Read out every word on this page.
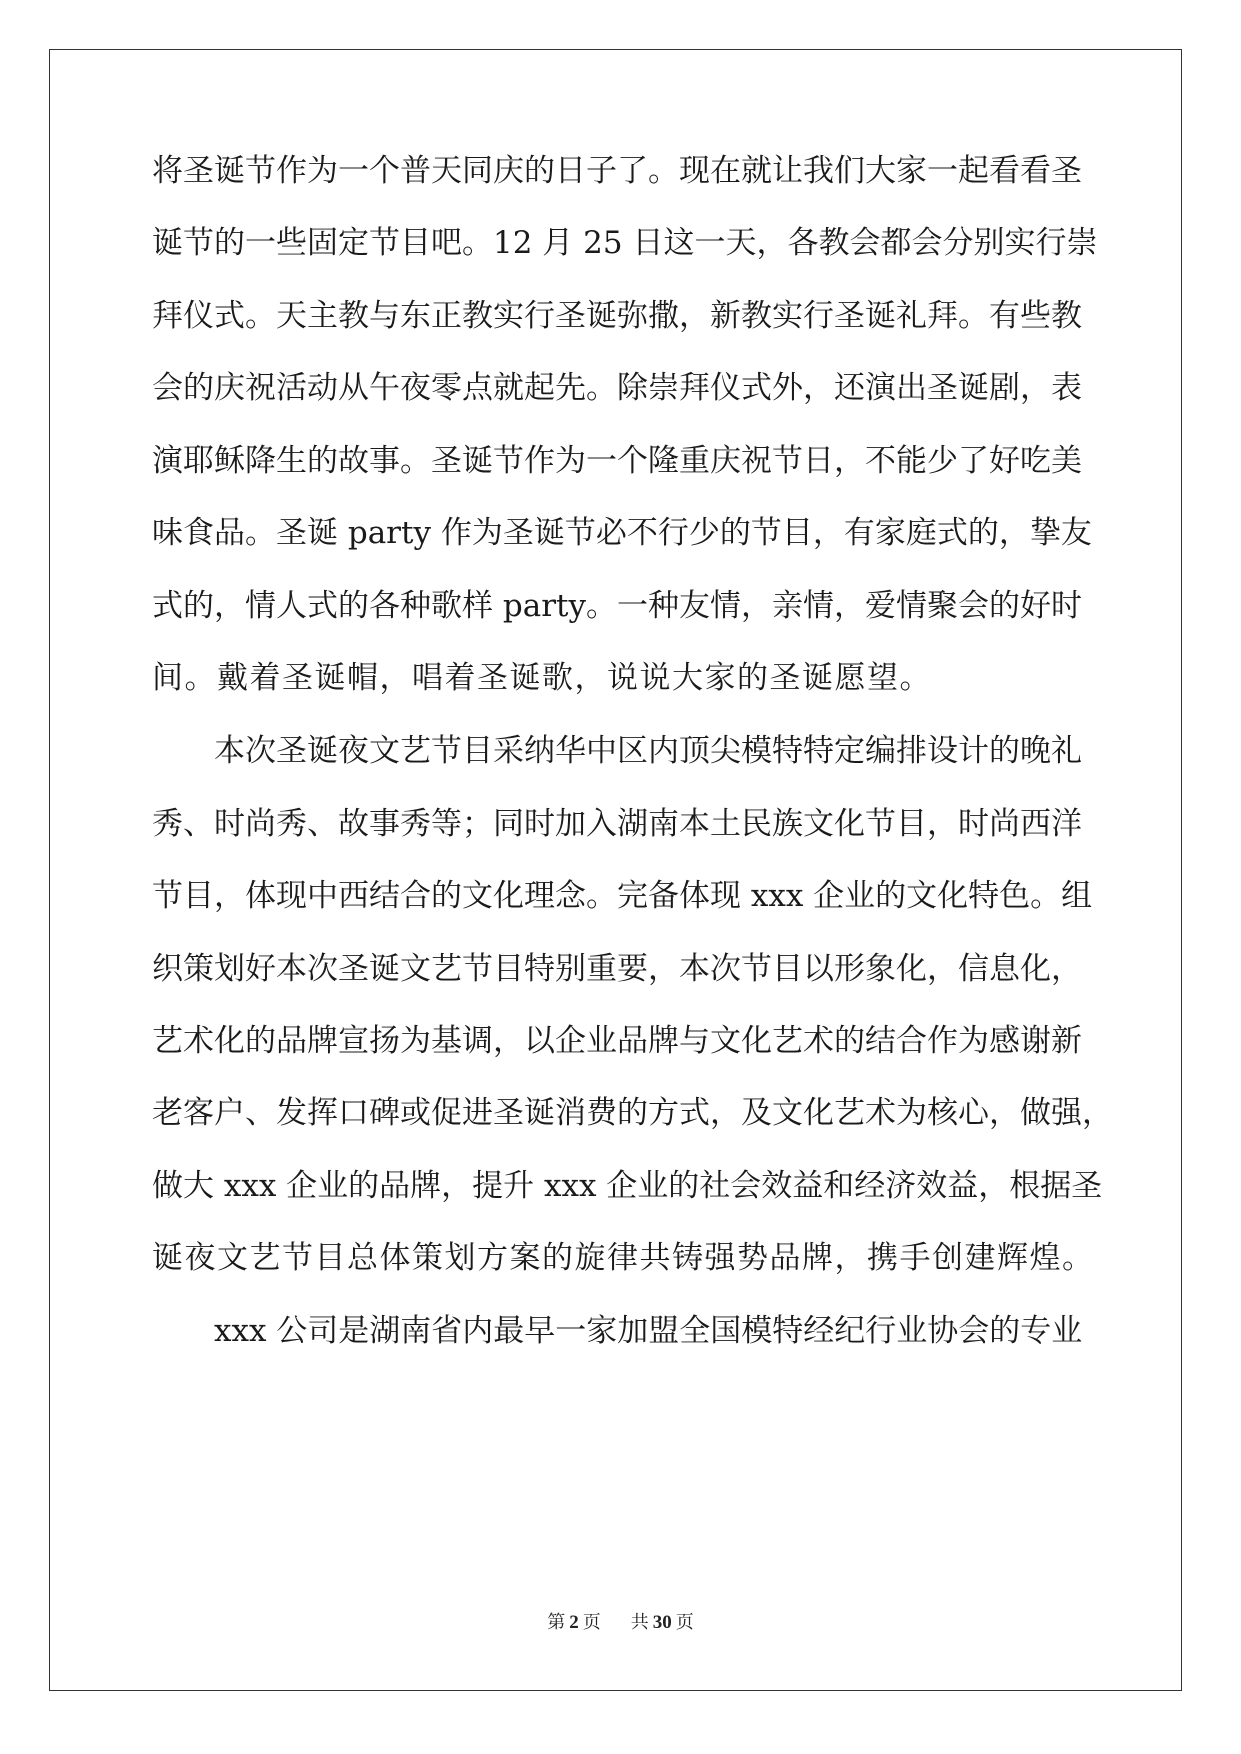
将圣诞节作为一个普天同庆的日子了。现在就让我们大家一起看看圣
诞节的一些固定节目吧。12 月 25 日这一天，各教会都会分别实行崇
拜仪式。天主教与东正教实行圣诞弥撒，新教实行圣诞礼拜。有些教
会的庆祝活动从午夜零点就起先。除崇拜仪式外，还演出圣诞剧，表
演耶稣降生的故事。圣诞节作为一个隆重庆祝节日，不能少了好吃美
味食品。圣诞 party 作为圣诞节必不行少的节目，有家庭式的，挚友
式的，情人式的各种歌样 party。一种友情，亲情，爱情聚会的好时
间。戴着圣诞帽，唱着圣诞歌，说说大家的圣诞愿望。
本次圣诞夜文艺节目采纳华中区内顶尖模特特定编排设计的晚礼
秀、时尚秀、故事秀等；同时加入湖南本土民族文化节目，时尚西洋
节目，体现中西结合的文化理念。完备体现 xxx 企业的文化特色。组
织策划好本次圣诞文艺节目特别重要，本次节目以形象化，信息化，
艺术化的品牌宣扬为基调，以企业品牌与文化艺术的结合作为感谢新
老客户、发挥口碑或促进圣诞消费的方式，及文化艺术为核心，做强，
做大 xxx 企业的品牌，提升 xxx 企业的社会效益和经济效益，根据圣
诞夜文艺节目总体策划方案的旋律共铸强势品牌，携手创建辉煌。
xxx 公司是湖南省内最早一家加盟全国模特经纪行业协会的专业
第 2 页 共 30 页
